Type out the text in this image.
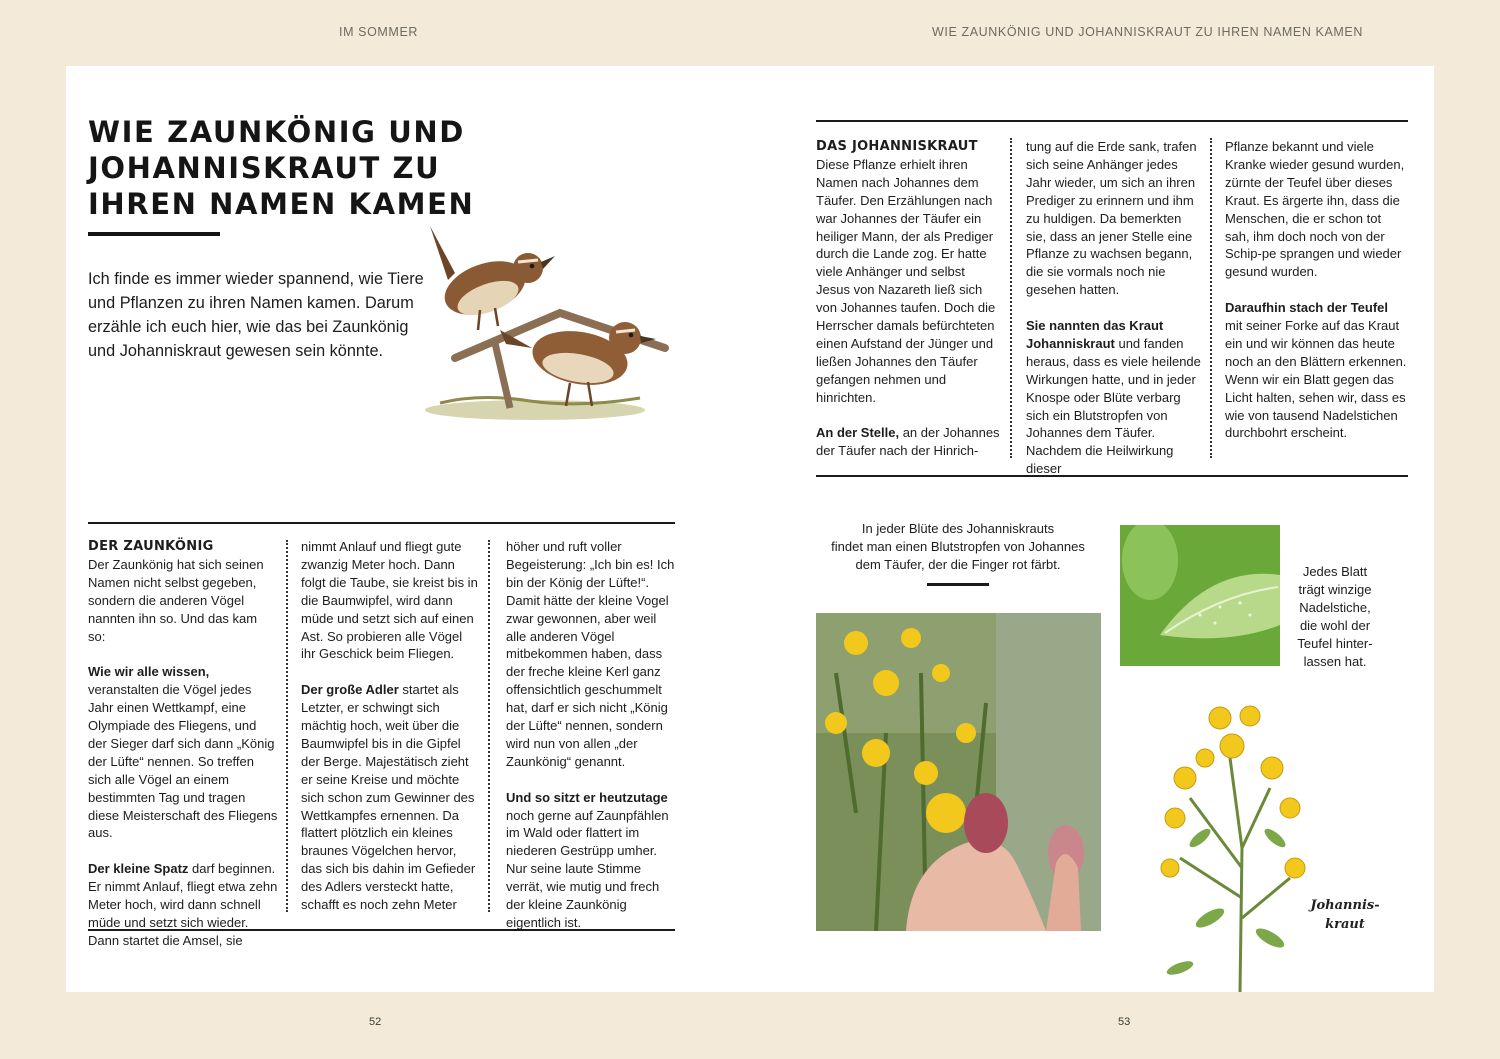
IM SOMMER	WIE ZAUNKÖNIG UND JOHANNISKRAUT ZU IHREN NAMEN KAMEN
52	53
WIE ZAUNKÖNIG UND
JOHANNISKRAUT ZU
IHREN NAMEN KAMEN

Ich finde es immer wieder spannend, wie Tiere und Pflanzen zu ihren Namen kamen. Darum erzähle ich euch hier, wie das bei Zaunkönig und Johanniskraut gewesen sein könnte.

DER ZAUNKÖNIG
Der Zaunkönig hat sich seinen Namen nicht selbst gegeben, sondern die anderen Vögel nannten ihn so. Und das kam so:

Wie wir alle wissen, veranstalten die Vögel jedes Jahr einen Wettkampf, eine Olympiade des Fliegens, und der Sieger darf sich dann „König der Lüfte“ nennen. So treffen sich alle Vögel an einem bestimmten Tag und tragen diese Meisterschaft des Fliegens aus.

Der kleine Spatz darf beginnen. Er nimmt Anlauf, fliegt etwa zehn Meter hoch, wird dann schnell müde und setzt sich wieder. Dann startet die Amsel, sie

nimmt Anlauf und fliegt gute zwanzig Meter hoch. Dann folgt die Taube, sie kreist bis in die Baumwipfel, wird dann müde und setzt sich auf einen Ast. So probieren alle Vögel ihr Geschick beim Fliegen.

Der große Adler startet als Letzter, er schwingt sich mächtig hoch, weit über die Baumwipfel bis in die Gipfel der Berge. Majestätisch zieht er seine Kreise und möchte sich schon zum Gewinner des Wettkampfes ernennen. Da flattert plötzlich ein kleines braunes Vögelchen hervor, das sich bis dahin im Gefieder des Adlers versteckt hatte, schafft es noch zehn Meter

höher und ruft voller Begeisterung: „Ich bin es! Ich bin der König der Lüfte!“. Damit hätte der kleine Vogel zwar gewonnen, aber weil alle anderen Vögel mitbekommen haben, dass der freche kleine Kerl ganz offensichtlich geschummelt hat, darf er sich nicht „König der Lüfte“ nennen, sondern wird nun von allen „der Zaunkönig“ genannt.

Und so sitzt er heutzutage noch gerne auf Zaunpfählen im Wald oder flattert im niederen Gestrüpp umher. Nur seine laute Stimme verrät, wie mutig und frech der kleine Zaunkönig eigentlich ist.

DAS JOHANNISKRAUT
Diese Pflanze erhielt ihren Namen nach Johannes dem Täufer. Den Erzählungen nach war Johannes der Täufer ein heiliger Mann, der als Prediger durch die Lande zog. Er hatte viele Anhänger und selbst Jesus von Nazareth ließ sich von Johannes taufen. Doch die Herrscher damals befürchteten einen Aufstand der Jünger und ließen Johannes den Täufer gefangen nehmen und hinrichten.

An der Stelle, an der Johannes der Täufer nach der Hinrich-

tung auf die Erde sank, trafen sich seine Anhänger jedes Jahr wieder, um sich an ihren Prediger zu erinnern und ihm zu huldigen. Da bemerkten sie, dass an jener Stelle eine Pflanze zu wachsen begann, die sie vormals noch nie gesehen hatten.

Sie nannten das Kraut Johanniskraut und fanden heraus, dass es viele heilende Wirkungen hatte, und in jeder Knospe oder Blüte verbarg sich ein Blutstropfen von Johannes dem Täufer. Nachdem die Heilwirkung dieser

Pflanze bekannt und viele Kranke wieder gesund wurden, zürnte der Teufel über dieses Kraut. Es ärgerte ihn, dass die Menschen, die er schon tot sah, ihm doch noch von der Schip-pe sprangen und wieder gesund wurden.

Daraufhin stach der Teufel mit seiner Forke auf das Kraut ein und wir können das heute noch an den Blättern erkennen. Wenn wir ein Blatt gegen das Licht halten, sehen wir, dass es wie von tausend Nadelstichen durchbohrt erscheint.

In jeder Blüte des Johanniskrauts
findet man einen Blutstropfen von Johannes
dem Täufer, der die Finger rot färbt.	Jedes Blatt
trägt winzige
Nadelstiche,
die wohl der
Teufel hinter-
lassen hat.
Johannis-
kraut
